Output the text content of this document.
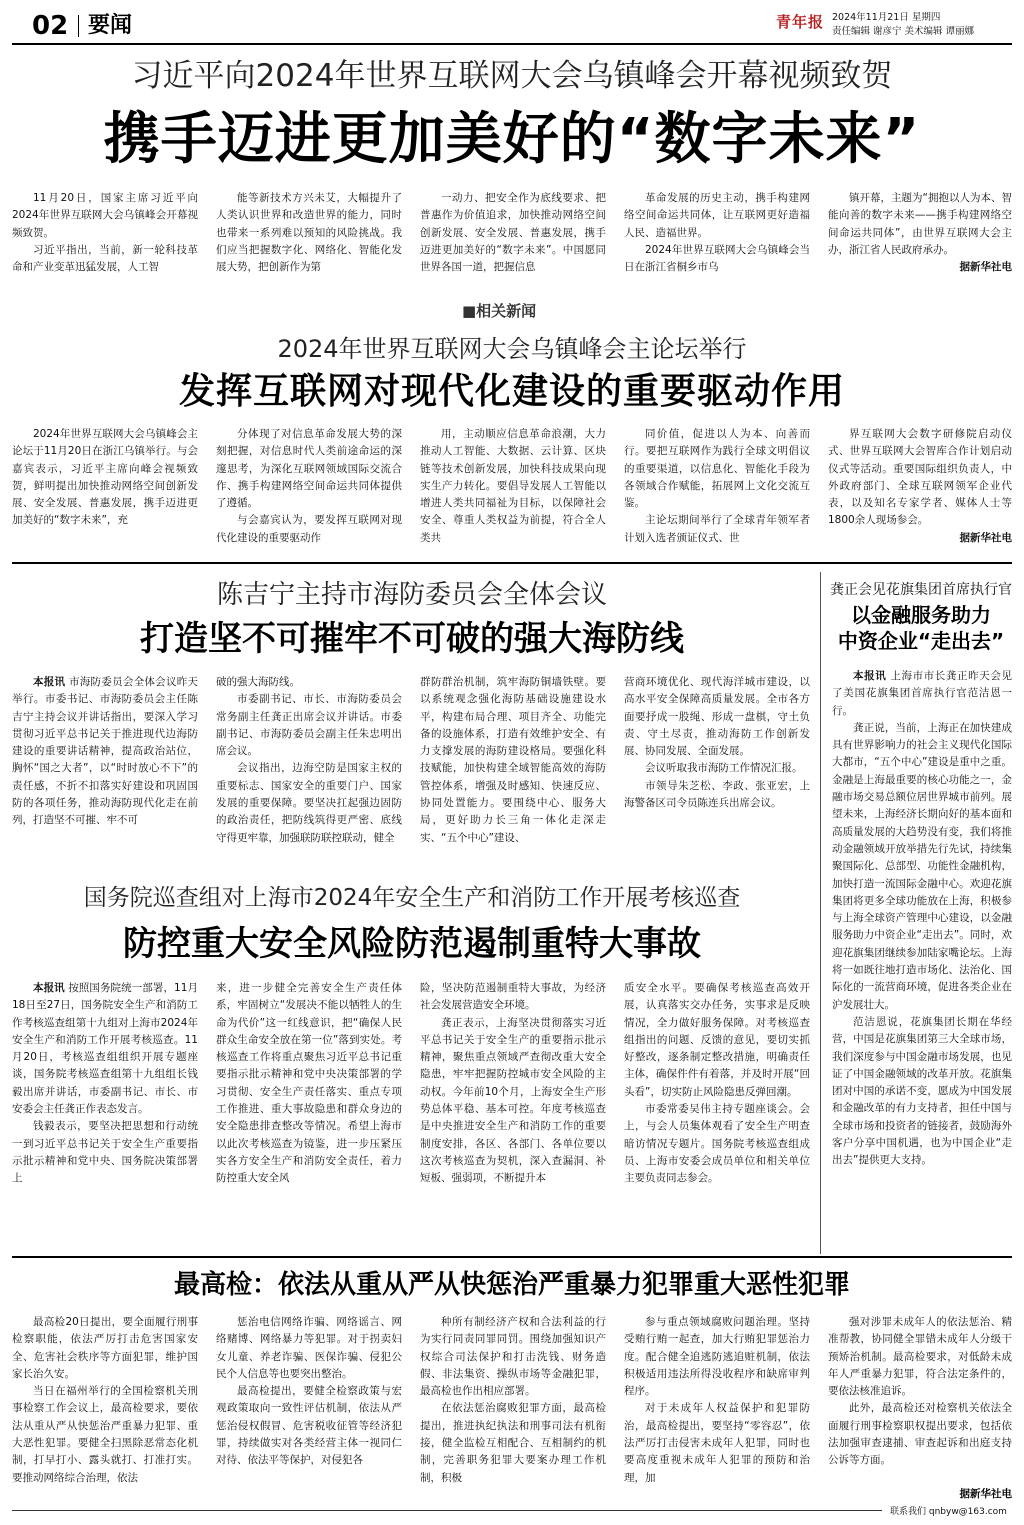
02 要闻	青年报 2024年11月21日 星期四
责任编辑 谢彦宁 美术编辑 谭丽娜
习近平向2024年世界互联网大会乌镇峰会开幕视频致贺
携手迈进更加美好的“数字未来”

11月20日，国家主席习近平向2024年世界互联网大会乌镇峰会开幕视频致贺。

习近平指出，当前，新一轮科技革命和产业变革迅猛发展，人工智

能等新技术方兴未艾，大幅提升了人类认识世界和改造世界的能力，同时也带来一系列难以预知的风险挑战。我们应当把握数字化、网络化、智能化发展大势，把创新作为第

一动力、把安全作为底线要求、把普惠作为价值追求，加快推动网络空间创新发展、安全发展、普惠发展，携手迈进更加美好的“数字未来”。中国愿同世界各国一道，把握信息

革命发展的历史主动，携手构建网络空间命运共同体，让互联网更好造福人民、造福世界。

2024年世界互联网大会乌镇峰会当日在浙江省桐乡市乌

镇开幕，主题为“拥抱以人为本、智能向善的数字未来——携手构建网络空间命运共同体”，由世界互联网大会主办，浙江省人民政府承办。

据新华社电

■相关新闻
2024年世界互联网大会乌镇峰会主论坛举行
发挥互联网对现代化建设的重要驱动作用

2024年世界互联网大会乌镇峰会主论坛于11月20日在浙江乌镇举行。与会嘉宾表示，习近平主席向峰会视频致贺，鲜明提出加快推动网络空间创新发展、安全发展、普惠发展，携手迈进更加美好的“数字未来”，充

分体现了对信息革命发展大势的深刻把握，对信息时代人类前途命运的深邃思考，为深化互联网领域国际交流合作、携手构建网络空间命运共同体提供了遵循。

与会嘉宾认为，要发挥互联网对现代化建设的重要驱动作

用，主动顺应信息革命浪潮，大力推动人工智能、大数据、云计算、区块链等技术创新发展，加快科技成果向现实生产力转化。要倡导发展人工智能以增进人类共同福祉为目标，以保障社会安全、尊重人类权益为前提，符合全人类共

同价值，促进以人为本、向善而行。要把互联网作为践行全球文明倡议的重要渠道，以信息化、智能化手段为各领域合作赋能，拓展网上文化交流互鉴。

主论坛期间举行了全球青年领军者计划入选者颁证仪式、世

界互联网大会数字研修院启动仪式、世界互联网大会智库合作计划启动仪式等活动。重要国际组织负责人，中外政府部门、全球互联网领军企业代表，以及知名专家学者、媒体人士等1800余人现场参会。

据新华社电

陈吉宁主持市海防委员会全体会议
打造坚不可摧牢不可破的强大海防线

本报讯 市海防委员会全体会议昨天举行。市委书记、市海防委员会主任陈吉宁主持会议并讲话指出，要深入学习贯彻习近平总书记关于推进现代边海防建设的重要讲话精神，提高政治站位，胸怀“国之大者”，以“时时放心不下”的责任感，不折不扣落实好建设和巩固国防的各项任务，推动海防现代化走在前列，打造坚不可摧、牢不可

破的强大海防线。

市委副书记、市长、市海防委员会常务副主任龚正出席会议并讲话。市委副书记、市海防委员会副主任朱忠明出席会议。

会议指出，边海空防是国家主权的重要标志、国家安全的重要门户、国家发展的重要保障。要坚决扛起强边固防的政治责任，把防线筑得更严密、底线守得更牢靠，加强联防联控联动，健全

群防群治机制，筑牢海防铜墙铁壁。要以系统观念强化海防基础设施建设水平，构建布局合理、项目齐全、功能完备的设施体系，打造有效维护安全、有力支撑发展的海防建设格局。要强化科技赋能，加快构建全域智能高效的海防管控体系，增强及时感知、快速反应、协同处置能力。要围绕中心、服务大局，更好助力长三角一体化走深走实、“五个中心”建设、

营商环境优化、现代海洋城市建设，以高水平安全保障高质量发展。全市各方面要抒成一股绳、形成一盘棋，守土负责、守土尽责，推动海防工作创新发展、协同发展、全面发展。

会议听取我市海防工作情况汇报。

市领导朱芝松、李政、张亚宏，上海警备区司令员陈连兵出席会议。

龚正会见花旗集团首席执行官
以金融服务助力
中资企业“走出去”

本报讯 上海市市长龚正昨天会见了美国花旗集团首席执行官范洁恩一行。

龚正说，当前，上海正在加快建成具有世界影响力的社会主义现代化国际大都市，“五个中心”建设是重中之重。金融是上海最重要的核心功能之一，金融市场交易总额位居世界城市前列。展望未来，上海经济长期向好的基本面和高质量发展的大趋势没有变，我们将推动金融领域开放举措先行先试，持续集聚国际化、总部型、功能性金融机构，加快打造一流国际金融中心。欢迎花旗集团将更多全球功能放在上海，积极参与上海全球资产管理中心建设，以金融服务助力中资企业“走出去”。同时，欢迎花旗集团继续参加陆家嘴论坛。上海将一如既往地打造市场化、法治化、国际化的一流营商环境，促进各类企业在沪发展壮大。

范洁恩说，花旗集团长期在华经营，中国是花旗集团第三大全球市场，我们深度参与中国金融市场发展，也见证了中国金融领域的改革开放。花旗集团对中国的承诺不变，愿成为中国发展和金融改革的有力支持者，担任中国与全球市场和投资者的链接者，鼓励海外客户分享中国机遇，也为中国企业“走出去”提供更大支持。

国务院巡查组对上海市2024年安全生产和消防工作开展考核巡查
防控重大安全风险防范遏制重特大事故

本报讯 按照国务院统一部署，11月18日至27日，国务院安全生产和消防工作考核巡查组第十九组对上海市2024年安全生产和消防工作开展考核巡查。11月20日，考核巡查组组织开展专题座谈，国务院考核巡查组第十九组组长钱毅出席并讲话，市委副书记、市长、市安委会主任龚正作表态发言。

钱毅表示，要坚决把思想和行动统一到习近平总书记关于安全生产重要指示批示精神和党中央、国务院决策部署上

来，进一步健全完善安全生产责任体系，牢固树立“发展决不能以牺牲人的生命为代价”这一红线意识，把“确保人民群众生命安全放在第一位”落到实处。考核巡查工作将重点聚焦习近平总书记重要指示批示精神和党中央决策部署的学习贯彻、安全生产责任落实、重点专项工作推进、重大事故隐患和群众身边的安全隐患排查整改等情况。希望上海市以此次考核巡查为镜鉴，进一步压紧压实各方安全生产和消防安全责任，着力防控重大安全风

险，坚决防范遏制重特大事故，为经济社会发展营造安全环境。

龚正表示，上海坚决贯彻落实习近平总书记关于安全生产的重要指示批示精神，聚焦重点领域严查彻改重大安全隐患，牢牢把握防控城市安全风险的主动权。今年前10个月，上海安全生产形势总体平稳、基本可控。年度考核巡查是中央推进安全生产和消防工作的重要制度安排，各区、各部门、各单位要以这次考核巡查为契机，深入查漏洞、补短板、强弱项，不断提升本

质安全水平。要确保考核巡查高效开展，认真落实交办任务，实事求是反映情况，全力做好服务保障。对考核巡查组指出的问题、反馈的意见，要切实抓好整改，逐条制定整改措施，明确责任主体，确保件件有着落，并及时开展“回头看”，切实防止风险隐患反弹回潮。

市委常委吴伟主持专题座谈会。会上，与会人员集体观看了安全生产明查暗访情况专题片。国务院考核巡查组成员、上海市安委会成员单位和相关单位主要负责同志参会。

最高检：依法从重从严从快惩治严重暴力犯罪重大恶性犯罪

最高检20日提出，要全面履行刑事检察职能，依法严厉打击危害国家安全、危害社会秩序等方面犯罪，维护国家长治久安。

当日在福州举行的全国检察机关刑事检察工作会议上，最高检要求，要依法从重从严从快惩治严重暴力犯罪、重大恶性犯罪。要健全扫黑除恶常态化机制，打早打小、露头就打、打准打实。要推动网络综合治理，依法

惩治电信网络诈骗、网络谣言、网络赌博、网络暴力等犯罪。对于拐卖妇女儿童、养老诈骗、医保诈骗、侵犯公民个人信息等也要突出整治。

最高检提出，要健全检察政策与宏观政策取向一致性评估机制，依法从严惩治侵权假冒、危害税收征管等经济犯罪，持续做实对各类经营主体一视同仁对待、依法平等保护，对侵犯各

种所有制经济产权和合法利益的行为实行同责同罪同罚。围绕加强知识产权综合司法保护和打击洗钱、财务造假、非法集资、操纵市场等金融犯罪，最高检也作出相应部署。

在依法惩治腐败犯罪方面，最高检提出，推进执纪执法和刑事司法有机衔接，健全监检互相配合、互相制约的机制，完善职务犯罪大要案办理工作机制，积极

参与重点领域腐败问题治理。坚持受贿行贿一起查，加大行贿犯罪惩治力度。配合健全追逃防逃追赃机制，依法积极适用违法所得没收程序和缺席审判程序。

对于未成年人权益保护和犯罪防治，最高检提出，要坚持“零容忍”，依法严厉打击侵害未成年人犯罪，同时也要高度重视未成年人犯罪的预防和治理，加

强对涉罪未成年人的依法惩治、精准帮教，协同健全罪错未成年人分级干预矫治机制。最高检要求，对低龄未成年人严重暴力犯罪，符合法定条件的，要依法核准追诉。

此外，最高检还对检察机关依法全面履行刑事检察职权提出要求，包括依法加强审查逮捕、审查起诉和出庭支持公诉等方面。

据新华社电
联系我们 qnbyw@163.com
